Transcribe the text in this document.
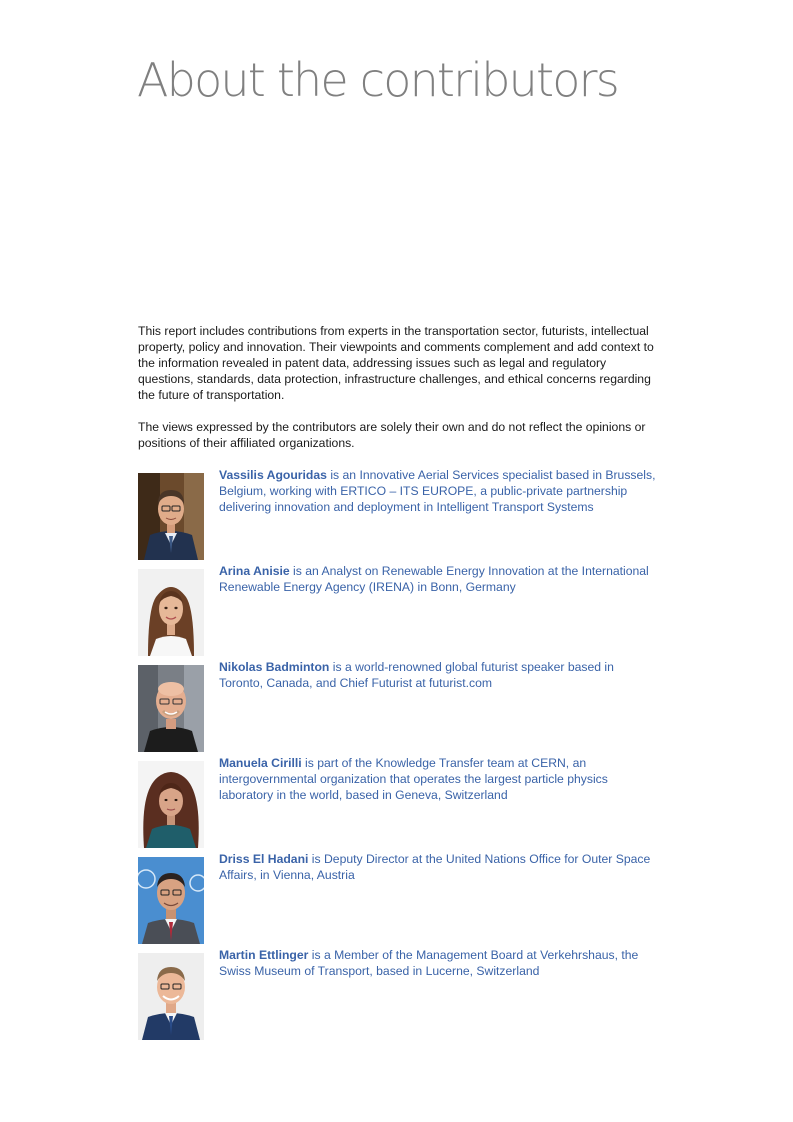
About the contributors

This report includes contributions from experts in the transportation sector, futurists, intellectual property, policy and innovation. Their viewpoints and comments complement and add context to the information revealed in patent data, addressing issues such as legal and regulatory questions, standards, data protection, infrastructure challenges, and ethical concerns regarding the future of transportation.

The views expressed by the contributors are solely their own and do not reflect the opinions or positions of their affiliated organizations.

Vassilis Agouridas is an Innovative Aerial Services specialist based in Brussels, Belgium, working with ERTICO – ITS EUROPE, a public-private partnership delivering innovation and deployment in Intelligent Transport Systems
Arina Anisie is an Analyst on Renewable Energy Innovation at the International Renewable Energy Agency (IRENA) in Bonn, Germany
Nikolas Badminton is a world-renowned global futurist speaker based in Toronto, Canada, and Chief Futurist at futurist.com
Manuela Cirilli is part of the Knowledge Transfer team at CERN, an intergovernmental organization that operates the largest particle physics laboratory in the world, based in Geneva, Switzerland
Driss El Hadani is Deputy Director at the United Nations Office for Outer Space Affairs, in Vienna, Austria
Martin Ettlinger is a Member of the Management Board at Verkehrshaus, the Swiss Museum of Transport, based in Lucerne, Switzerland
